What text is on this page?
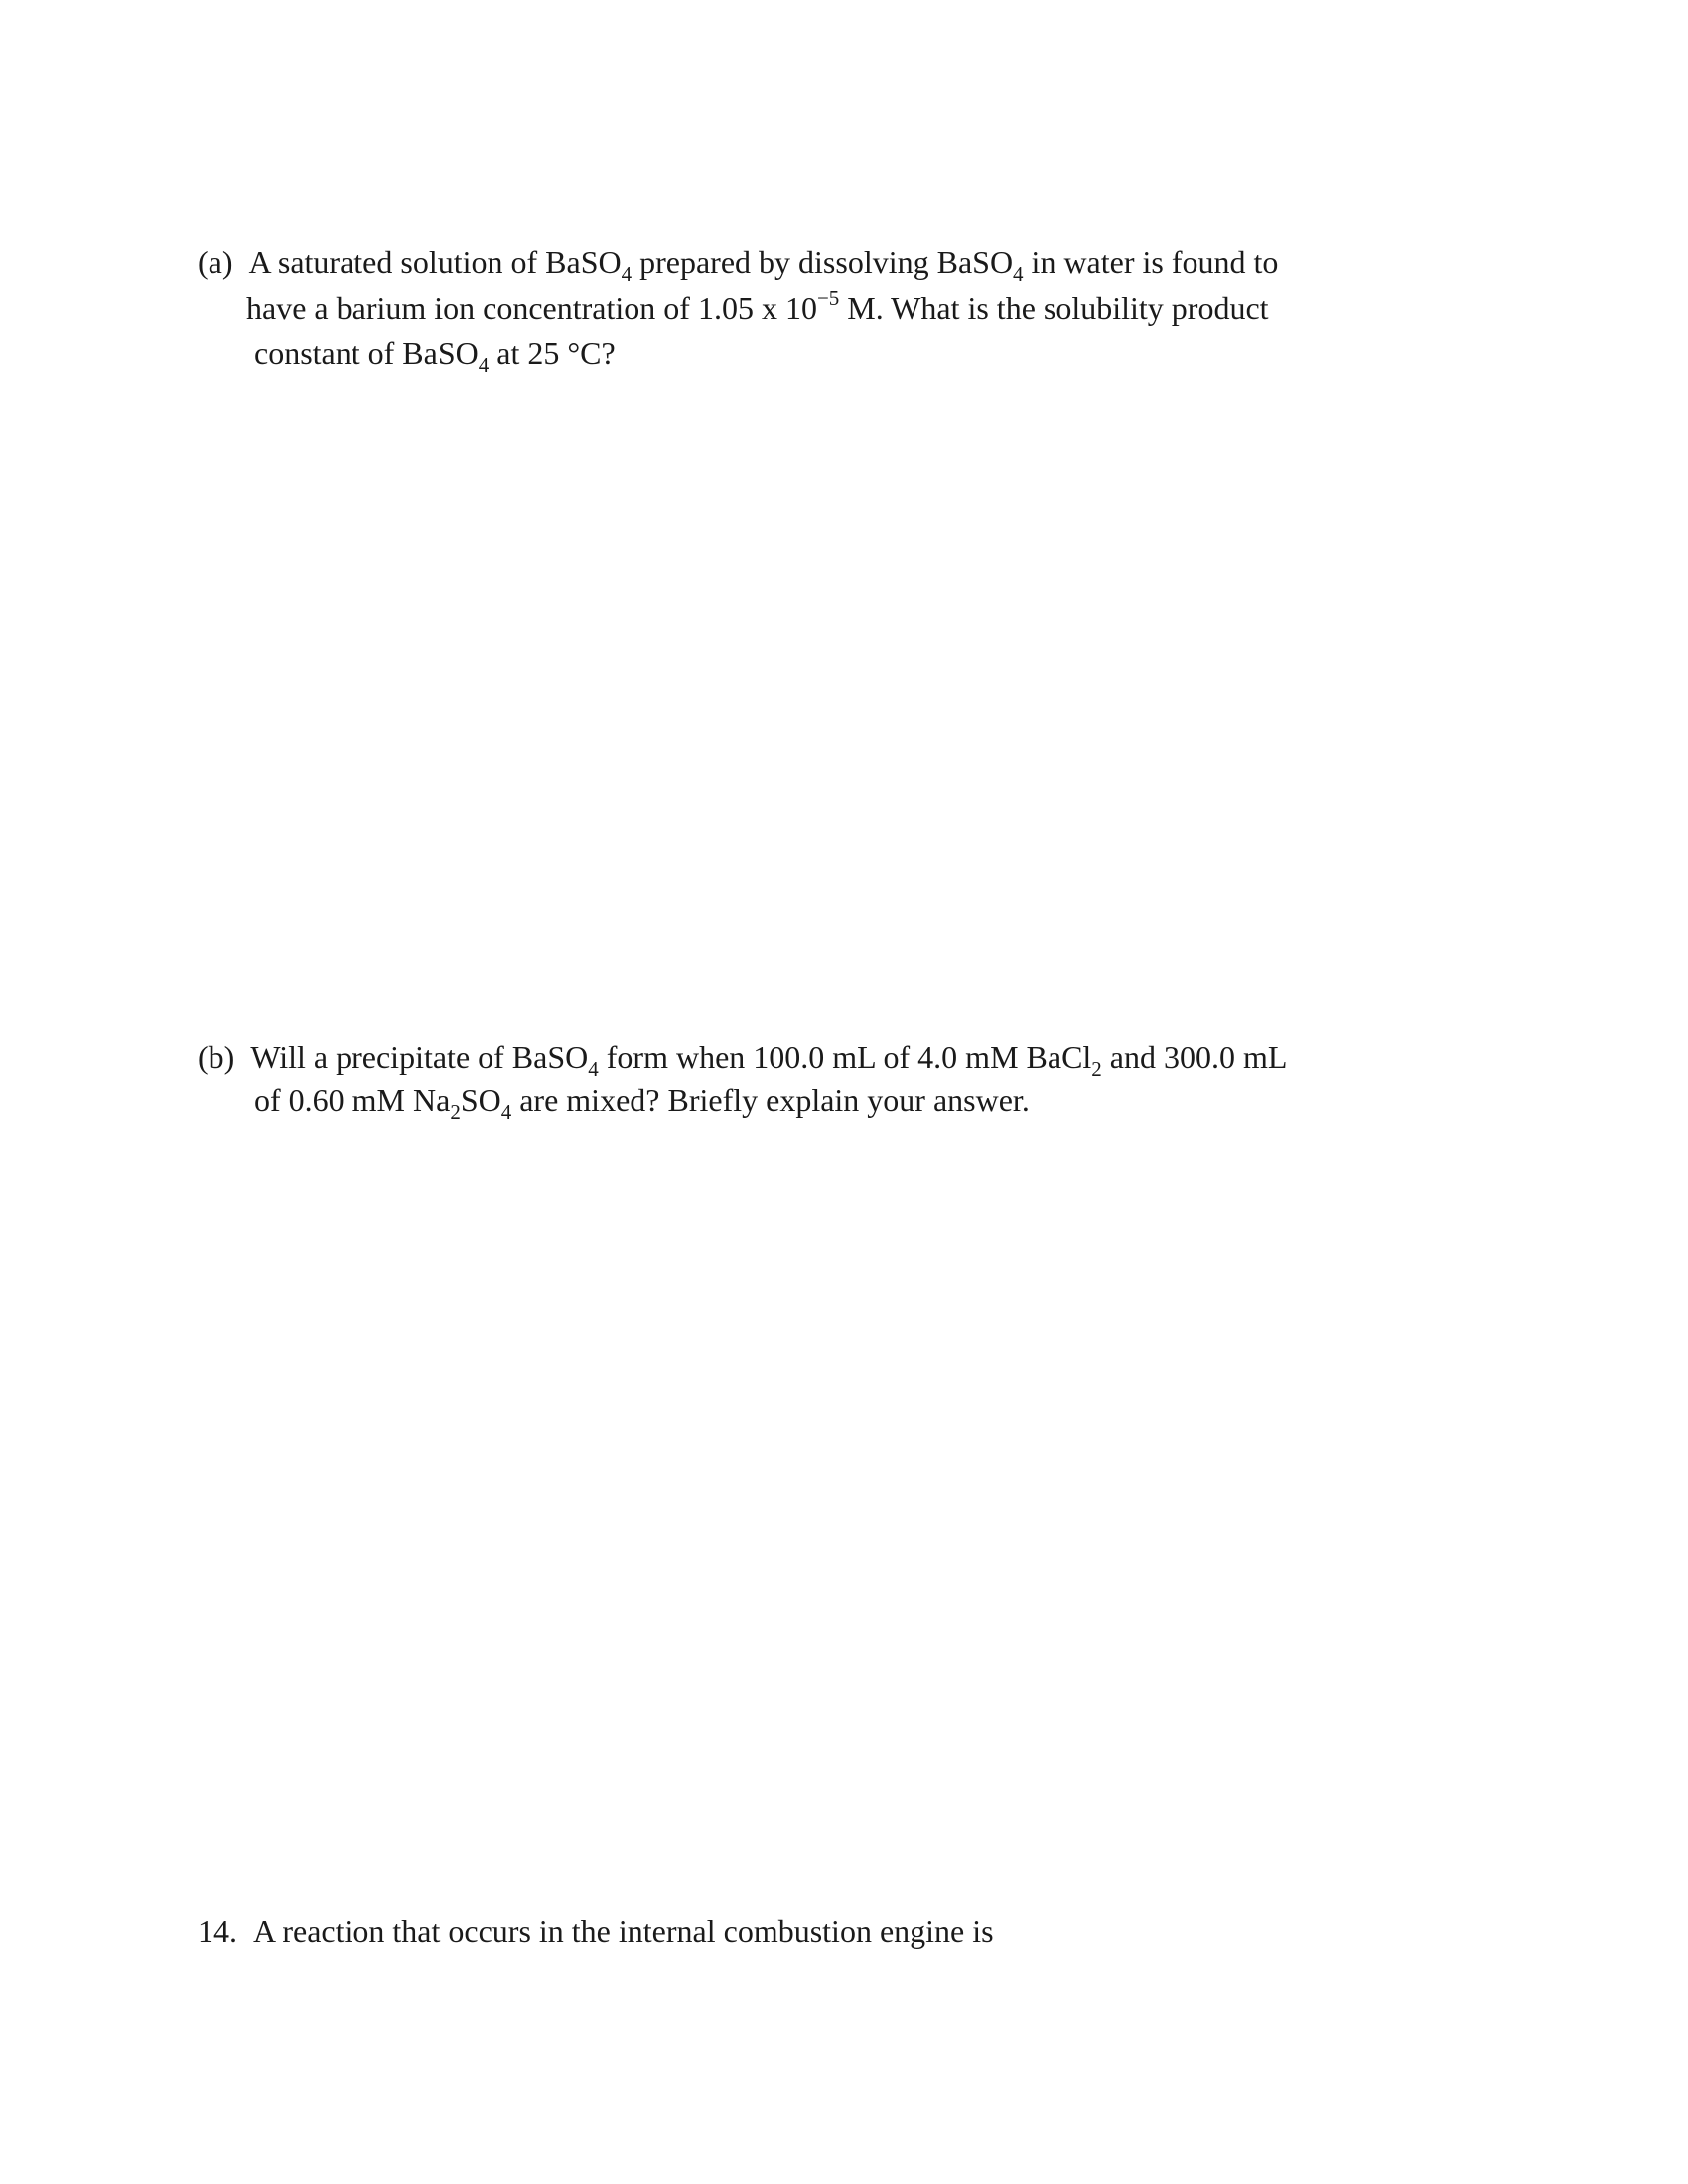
(a) A saturated solution of BaSO$_4$ prepared by dissolving BaSO$_4$ in water is found to
have a barium ion concentration of 1.05 x $10^{-5}$ M. What is the solubility product
constant of BaSO$_4$ at 25 °C?
(b) Will a precipitate of BaSO$_4$ form when 100.0 mL of 4.0 mM BaCl$_2$ and 300.0 mL
of 0.60 mM $Na_2SO_4$ are mixed? Briefly explain your answer.
14. A reaction that occurs in the internal combustion engine is
